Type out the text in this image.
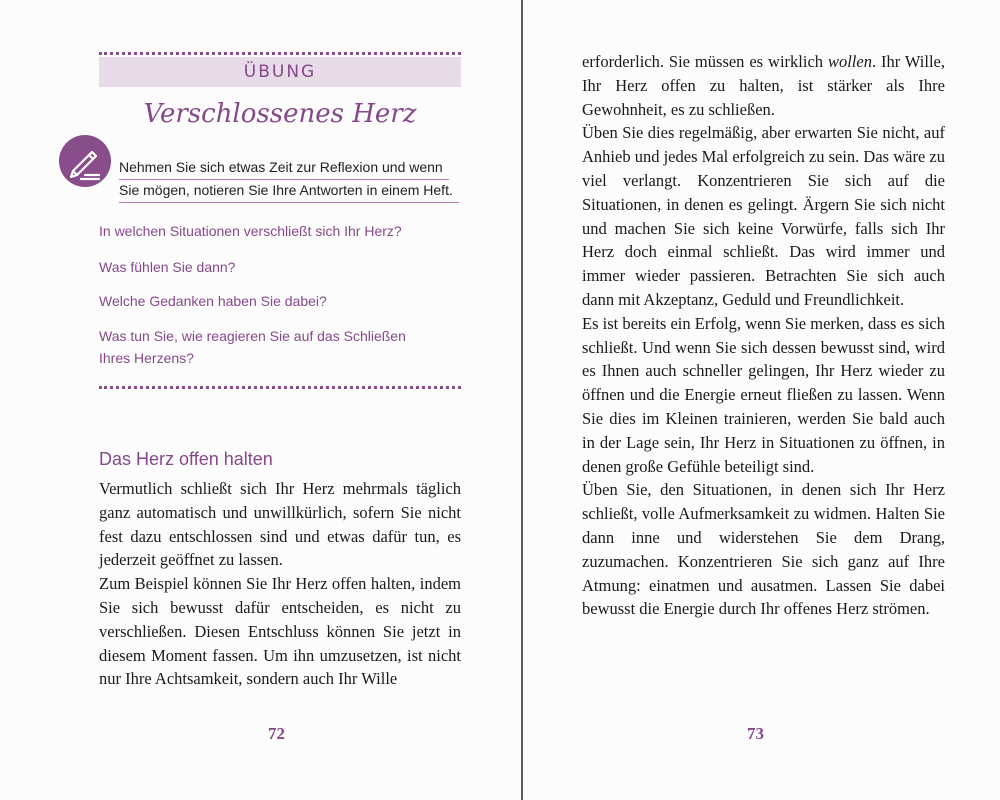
ÜBUNG
Verschlossenes Herz
Nehmen Sie sich etwas Zeit zur Reflexion und wenn
Sie mögen, notieren Sie Ihre Antworten in einem Heft.
In welchen Situationen verschließt sich Ihr Herz?
Was fühlen Sie dann?
Welche Gedanken haben Sie dabei?
Was tun Sie, wie reagieren Sie auf das Schließen Ihres Herzens?
Das Herz offen halten

Vermutlich schließt sich Ihr Herz mehrmals täglich ganz automatisch und unwillkürlich, sofern Sie nicht fest dazu entschlossen sind und etwas dafür tun, es jederzeit geöffnet zu lassen.

Zum Beispiel können Sie Ihr Herz offen halten, indem Sie sich bewusst dafür entscheiden, es nicht zu verschließen. Diesen Entschluss können Sie jetzt in diesem Moment fassen. Um ihn umzusetzen, ist nicht nur Ihre Achtsamkeit, sondern auch Ihr Wille

72

erforderlich. Sie müssen es wirklich wollen. Ihr Wille, Ihr Herz offen zu halten, ist stärker als Ihre Gewohnheit, es zu schließen.

Üben Sie dies regelmäßig, aber erwarten Sie nicht, auf Anhieb und jedes Mal erfolgreich zu sein. Das wäre zu viel verlangt. Konzentrieren Sie sich auf die Situationen, in denen es gelingt. Ärgern Sie sich nicht und machen Sie sich keine Vorwürfe, falls sich Ihr Herz doch einmal schließt. Das wird immer und immer wieder passieren. Betrachten Sie sich auch dann mit Akzeptanz, Geduld und Freundlichkeit.

Es ist bereits ein Erfolg, wenn Sie merken, dass es sich schließt. Und wenn Sie sich dessen bewusst sind, wird es Ihnen auch schneller gelingen, Ihr Herz wieder zu öffnen und die Energie erneut fließen zu lassen. Wenn Sie dies im Kleinen trainieren, werden Sie bald auch in der Lage sein, Ihr Herz in Situationen zu öffnen, in denen große Gefühle beteiligt sind.

Üben Sie, den Situationen, in denen sich Ihr Herz schließt, volle Aufmerksamkeit zu widmen. Halten Sie dann inne und widerstehen Sie dem Drang, zuzumachen. Konzentrieren Sie sich ganz auf Ihre Atmung: einatmen und ausatmen. Lassen Sie dabei bewusst die Energie durch Ihr offenes Herz strömen.

73
